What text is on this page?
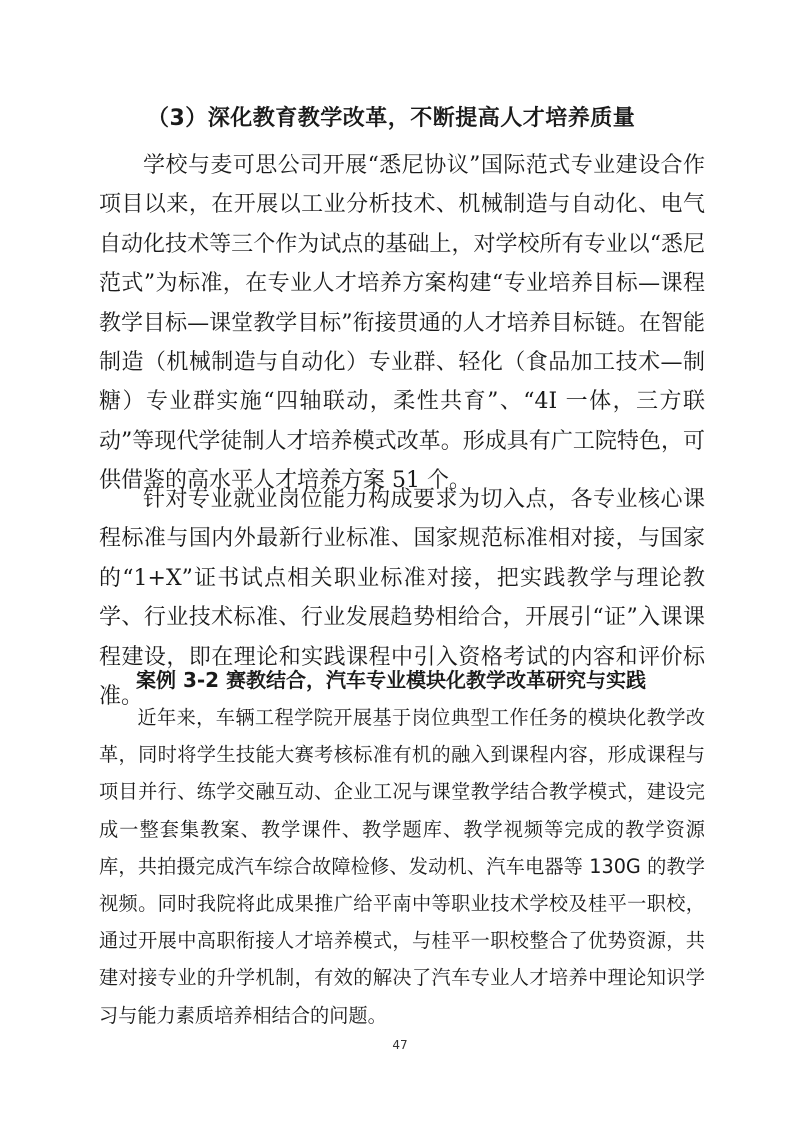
（3）深化教育教学改革，不断提高人才培养质量

学校与麦可思公司开展“悉尼协议”国际范式专业建设合作项目以来，在开展以工业分析技术、机械制造与自动化、电气自动化技术等三个作为试点的基础上，对学校所有专业以“悉尼范式”为标准，在专业人才培养方案构建“专业培养目标—课程教学目标—课堂教学目标”衔接贯通的人才培养目标链。在智能制造（机械制造与自动化）专业群、轻化（食品加工技术—制糖）专业群实施“四轴联动，柔性共育”、“4I 一体，三方联动”等现代学徒制人才培养模式改革。形成具有广工院特色，可供借鉴的高水平人才培养方案 51 个。

针对专业就业岗位能力构成要求为切入点，各专业核心课程标准与国内外最新行业标准、国家规范标准相对接，与国家的“1+X”证书试点相关职业标准对接，把实践教学与理论教学、行业技术标准、行业发展趋势相给合，开展引“证”入课课程建设，即在理论和实践课程中引入资格考试的内容和评价标准。

案例 3-2 赛教结合，汽车专业模块化教学改革研究与实践

近年来，车辆工程学院开展基于岗位典型工作任务的模块化教学改革，同时将学生技能大赛考核标准有机的融入到课程内容，形成课程与项目并行、练学交融互动、企业工况与课堂教学结合教学模式，建设完成一整套集教案、教学课件、教学题库、教学视频等完成的教学资源库，共拍摄完成汽车综合故障检修、发动机、汽车电器等 130G 的教学视频。同时我院将此成果推广给平南中等职业技术学校及桂平一职校，通过开展中高职衔接人才培养模式，与桂平一职校整合了优势资源，共建对接专业的升学机制，有效的解决了汽车专业人才培养中理论知识学习与能力素质培养相结合的问题。

47
